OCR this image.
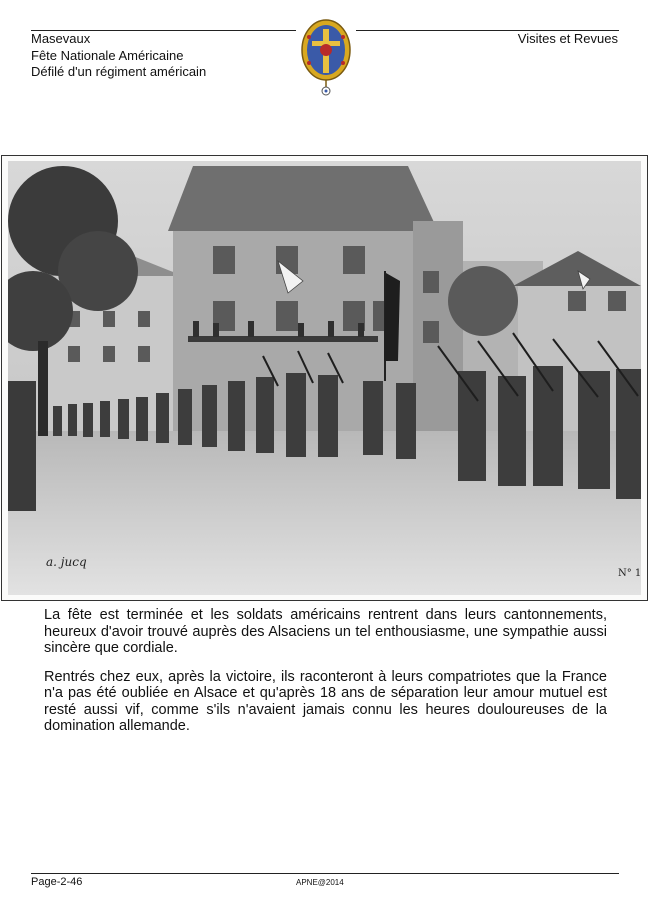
Masevaux
Fête Nationale Américaine
Défilé d'un régiment américain
Visites et Revues
a. jucq
N° 1

La fête est terminée et les soldats américains rentrent dans leurs cantonnements, heureux d'avoir trouvé auprès des Alsaciens un tel enthousiasme, une sympathie aussi sincère que cordiale.

Rentrés chez eux, après la victoire, ils raconteront à leurs compatriotes que la France n'a pas été oubliée en Alsace et qu'après 18 ans de séparation leur amour mutuel est resté aussi vif, comme s'ils n'avaient jamais connu les heures douloureuses de la domination allemande.

Page-2-46	APNE@2014
